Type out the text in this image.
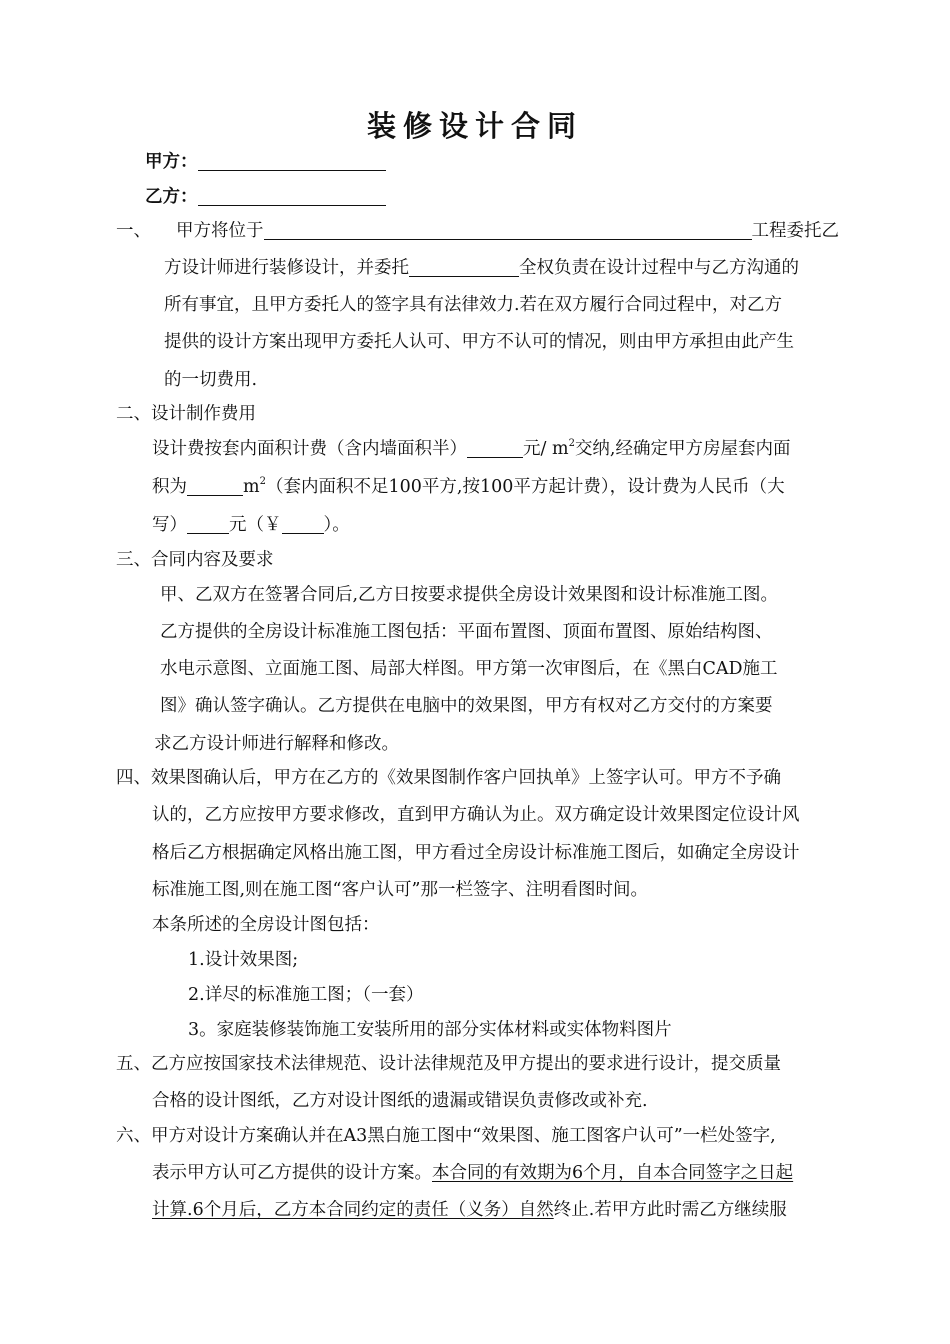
装修设计合同
甲方：
乙方：
一、 甲方将位于	工程委托乙
方设计师进行装修设计，并委托	全权负责在设计过程中与乙方沟通的
所有事宜，且甲方委托人的签字具有法律效力.若在双方履行合同过程中，对乙方
提供的设计方案出现甲方委托人认可、甲方不认可的情况，则由甲方承担由此产生
的一切费用.
二、设计制作费用
设计费按套内面积计费（含内墙面积半）	元/ $m^2$交纳,经确定甲方房屋套内面
积为	$m^2$（套内面积不足100平方,按100平方起计费），设计费为人民币（大
写） 元（￥ ）。
三、合同内容及要求
甲、乙双方在签署合同后,乙方日按要求提供全房设计效果图和设计标准施工图。
乙方提供的全房设计标准施工图包括：平面布置图、顶面布置图、原始结构图、
水电示意图、立面施工图、局部大样图。甲方第一次审图后，在《黑白CAD施工
图》确认签字确认。乙方提供在电脑中的效果图，甲方有权对乙方交付的方案要
求乙方设计师进行解释和修改。
四、效果图确认后，甲方在乙方的《效果图制作客户回执单》上签字认可。甲方不予确
认的，乙方应按甲方要求修改，直到甲方确认为止。双方确定设计效果图定位设计风
格后乙方根据确定风格出施工图，甲方看过全房设计标准施工图后，如确定全房设计
标准施工图,则在施工图“客户认可”那一栏签字、注明看图时间。
本条所述的全房设计图包括：
1.设计效果图;
2.详尽的标准施工图；（一套）
3。家庭装修装饰施工安装所用的部分实体材料或实体物料图片
五、乙方应按国家技术法律规范、设计法律规范及甲方提出的要求进行设计，提交质量
合格的设计图纸，乙方对设计图纸的遗漏或错误负责修改或补充.
六、甲方对设计方案确认并在A3黑白施工图中“效果图、施工图客户认可”一栏处签字,
表示甲方认可乙方提供的设计方案。本合同的有效期为6个月，自本合同签字之日起
计算.6个月后，乙方本合同约定的责任（义务）自然终止.若甲方此时需乙方继续服
